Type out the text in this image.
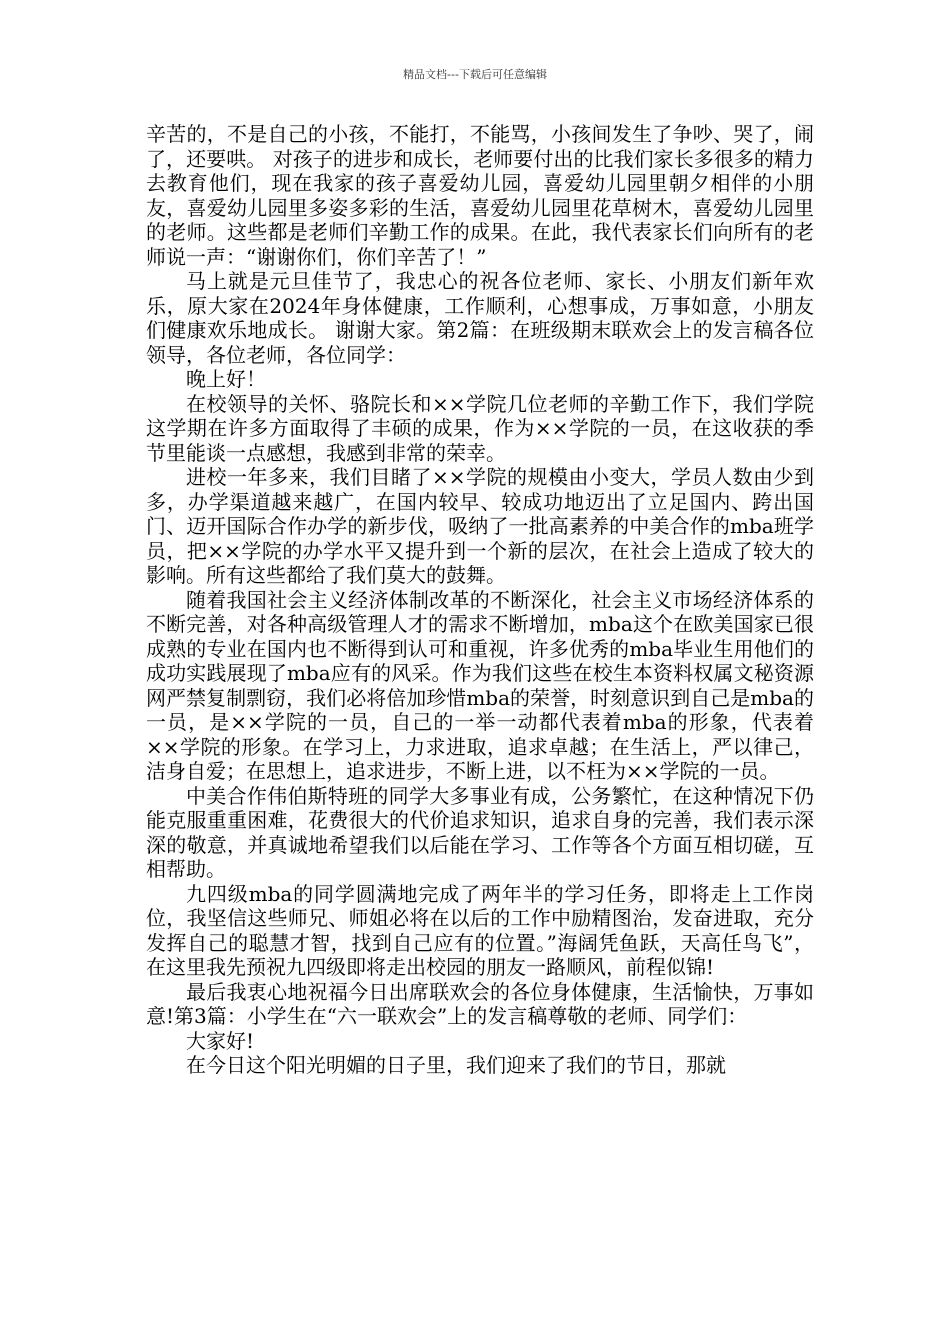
精品文档---下载后可任意编辑

辛苦的，不是自己的小孩，不能打，不能骂，小孩间发生了争吵、哭了，闹了，还要哄。 对孩子的进步和成长，老师要付出的比我们家长多很多的精力去教育他们，现在我家的孩子喜爱幼儿园，喜爱幼儿园里朝夕相伴的小朋友，喜爱幼儿园里多姿多彩的生活，喜爱幼儿园里花草树木，喜爱幼儿园里的老师。这些都是老师们辛勤工作的成果。在此，我代表家长们向所有的老师说一声：“谢谢你们，你们辛苦了！”

马上就是元旦佳节了，我忠心的祝各位老师、家长、小朋友们新年欢乐，原大家在2024年身体健康，工作顺利，心想事成，万事如意，小朋友们健康欢乐地成长。 谢谢大家。第2篇：在班级期末联欢会上的发言稿各位领导，各位老师，各位同学：

晚上好！

在校领导的关怀、骆院长和××学院几位老师的辛勤工作下，我们学院这学期在许多方面取得了丰硕的成果，作为××学院的一员，在这收获的季节里能谈一点感想，我感到非常的荣幸。

进校一年多来，我们目睹了××学院的规模由小变大，学员人数由少到多，办学渠道越来越广，在国内较早、较成功地迈出了立足国内、跨出国门、迈开国际合作办学的新步伐，吸纳了一批高素养的中美合作的mba班学员，把××学院的办学水平又提升到一个新的层次，在社会上造成了较大的影响。所有这些都给了我们莫大的鼓舞。

随着我国社会主义经济体制改革的不断深化，社会主义市场经济体系的不断完善，对各种高级管理人才的需求不断增加，mba这个在欧美国家已很成熟的专业在国内也不断得到认可和重视，许多优秀的mba毕业生用他们的成功实践展现了mba应有的风采。作为我们这些在校生本资料权属文秘资源网严禁复制剽窃，我们必将倍加珍惜mba的荣誉，时刻意识到自己是mba的一员，是××学院的一员，自己的一举一动都代表着mba的形象，代表着××学院的形象。在学习上，力求进取，追求卓越；在生活上，严以律己，洁身自爱；在思想上，追求进步，不断上进，以不枉为××学院的一员。

中美合作伟伯斯特班的同学大多事业有成，公务繁忙，在这种情况下仍能克服重重困难，花费很大的代价追求知识，追求自身的完善，我们表示深深的敬意，并真诚地希望我们以后能在学习、工作等各个方面互相切磋，互相帮助。

九四级mba的同学圆满地完成了两年半的学习任务，即将走上工作岗位，我坚信这些师兄、师姐必将在以后的工作中励精图治，发奋进取，充分发挥自己的聪慧才智，找到自己应有的位置。”海阔凭鱼跃，天高任鸟飞”，在这里我先预祝九四级即将走出校园的朋友一路顺风，前程似锦!

最后我衷心地祝福今日出席联欢会的各位身体健康，生活愉快，万事如意!第3篇：小学生在“六一联欢会”上的发言稿尊敬的老师、同学们：

大家好!

在今日这个阳光明媚的日子里，我们迎来了我们的节日，那就
